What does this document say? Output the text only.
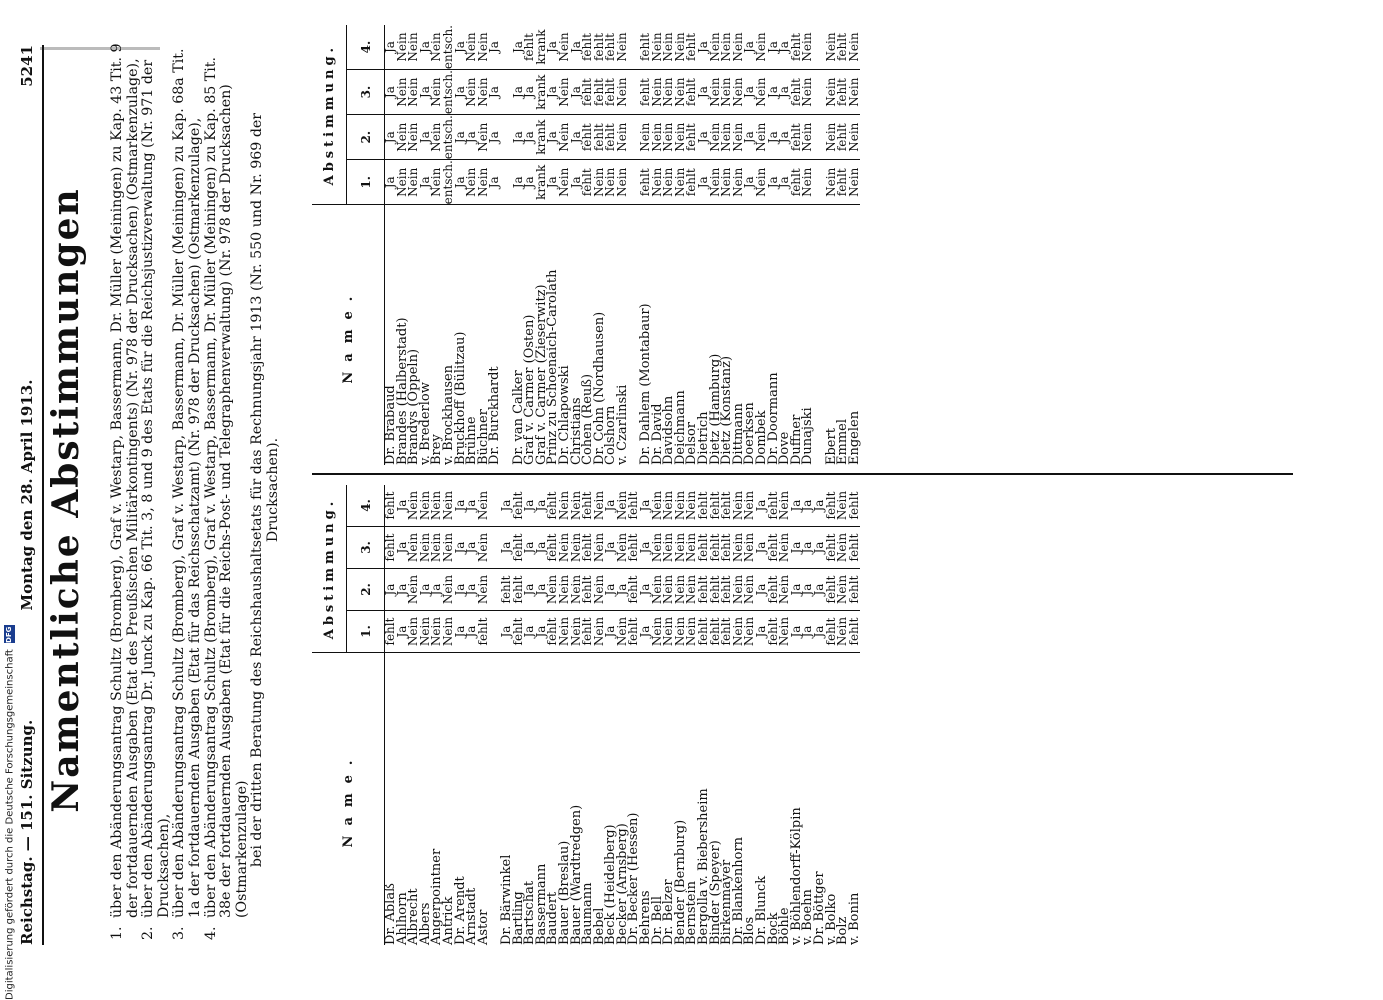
Reichstag. — 151. Sitzung.
Montag den 28. April 1913.
5241
Namentliche Abstimmungen
1.
über den Abänderungsantrag Schultz (Bromberg), Graf v. Westarp, Bassermann, Dr. Müller (Meiningen) zu Kap. 43 Tit. 9 der fortdauernden Ausgaben (Etat des Preußischen Militärkontingents) (Nr. 978 der Drucksachen) (Ostmarkenzulage),
2.
über den Abänderungsantrag Dr. Junck zu Kap. 66 Tit. 3, 8 und 9 des Etats für die Reichsjustizverwaltung (Nr. 971 der Drucksachen),
3.
über den Abänderungsantrag Schultz (Bromberg), Graf v. Westarp, Bassermann, Dr. Müller (Meiningen) zu Kap. 68a Tit. 1a der fortdauernden Ausgaben (Etat für das Reichsschatzamt) (Nr. 978 der Drucksachen) (Ostmarkenzulage),
4.
über den Abänderungsantrag Schultz (Bromberg), Graf v. Westarp, Bassermann, Dr. Müller (Meiningen) zu Kap. 85 Tit. 38e der fortdauernden Ausgaben (Etat für die Reichs-Post- und Telegraphenverwaltung) (Nr. 978 der Drucksachen) (Ostmarkenzulage) bei der dritten Beratung des Reichshaushaltsetats für das Rechnungsjahr 1913 (Nr. 550 und Nr. 969 der Drucksachen).
Name.	Abstimmung.			
	1.	2.	3.	4.
Dr. Ablaß	fehlt	Ja	fehlt	fehlt
Ahlhorn	Ja	Ja	Ja	Ja
Albrecht	Nein	Nein	Nein	Nein
Albers	Nein	Ja	Nein	Nein
Angerpointner	Nein	Ja	Nein	Nein
Antrick	Nein	Nein	Nein	Nein
Dr. Arendt	Ja	Ja	Ja	Ja
Arnstadt	Ja	Ja	Ja	Ja
Astor	fehlt	Nein	Nein	Nein

Dr. Bärwinkel	Ja	fehlt	Ja	Ja
Bartling	fehlt	fehlt	fehlt	fehlt
Bartschat	Ja	Ja	Ja	Ja
Bassermann	Ja	Ja	Ja	Ja
Baudert	fehlt	Nein	fehlt	fehlt
Bauer (Breslau)	Nein	Nein	Nein	Nein
Bauer (Wardtredgen)	Nein	Nein	Nein	Nein
Baumann	fehlt	fehlt	fehlt	fehlt
Bebel	Nein	Nein	Nein	Nein
Beck (Heidelberg)	Ja	Ja	Ja	Ja
Becker (Arnsberg)	Nein	Ja	Nein	Nein
Dr. Becker (Hessen)	fehlt	fehlt	fehlt	fehlt
Behrens	Ja	Ja	Ja	Ja
Dr. Bell	Nein	Nein	Nein	Nein
Dr. Belzer	Nein	Nein	Nein	Nein
Bender (Bernburg)	Nein	Nein	Nein	Nein
Bernstein	Nein	Nein	Nein	Nein
Bergolla v. Biebersheim	fehlt	fehlt	fehlt	fehlt
Binder (Speyer)	fehlt	fehlt	fehlt	fehlt
Birkenmayer	fehlt	fehlt	fehlt	fehlt
Dr. Blankenhorn	Nein	Nein	Nein	Nein
Blos	Nein	Nein	Nein	Nein
Dr. Blunck	Ja	Ja	Ja	Ja
Bock	fehlt	fehlt	fehlt	fehlt
Böhle	Nein	Nein	Nein	Nein
v. Böhlendorff-Kölpin	Ja	Ja	Ja	Ja
v. Boehn	Ja	Ja	Ja	Ja
Dr. Böttger	Ja	Ja	Ja	Ja
v. Bolko	fehlt	fehlt	fehlt	fehlt
Bolz	Nein	Nein	Nein	Nein
v. Bonin	fehlt	fehlt	fehlt	fehlt
Name.	Abstimmung.			
	1.	2.	3.	4.
Dr. Brabaud	Ja	Ja	Ja	Ja
Brandes (Halberstadt)	Nein	Nein	Nein	Nein
Brandys (Oppeln)	Nein	Nein	Nein	Nein
v. Brederlow	Ja	Ja	Ja	Ja
Brey	Nein	Nein	Nein	Nein
v. Brockhausen	entsch.	entsch.	entsch.	entsch.
Bruckhoff (Bülitzau)	Ja	Ja	Ja	Ja
Brühne	Nein	Ja	Nein	Nein
Büchner	Nein	Nein	Nein	Nein
Dr. Burckhardt	Ja	Ja	Ja	Ja

Dr. van Calker	Ja	Ja	Ja	Ja
Graf v. Carmer (Osten)	Ja	Ja	Ja	fehlt
Graf v. Carmer (Zieserwitz)	krank	krank	krank	krank
Prinz zu Schoenaich-Carolath	Ja	Ja	Ja	Ja
Dr. Chlapowski	Nein	Nein	Nein	Nein
Christians	Ja	Ja	Ja	Ja
Cohen (Reuß)	fehlt	fehlt	fehlt	fehlt
Dr. Cohn (Nordhausen)	Nein	fehlt	fehlt	fehlt
Colshorn	Nein	fehlt	fehlt	fehlt
v. Czarlinski	Nein	Nein	Nein	Nein

Dr. Dahlem (Montabaur)	fehlt	Nein	fehlt	fehlt
Dr. David	Nein	Nein	Nein	Nein
Davidsohn	Nein	Nein	Nein	Nein
Deichmann	Nein	Nein	Nein	Nein
Delsor	fehlt	fehlt	fehlt	fehlt
Dietrich	Ja	Ja	Ja	Ja
Dietz (Hamburg)	Nein	Nein	Nein	Nein
Dietz (Konstanz)	Nein	Nein	Nein	Nein
Dittmann	Nein	Nein	Nein	Nein
Doerksen	Ja	Ja	Ja	Ja
Dombek	Nein	Nein	Nein	Nein
Dr. Doormann	Ja	Ja	Ja	Ja
Dove	Ja	Ja	Ja	Ja
Duffner	fehlt	fehlt	fehlt	fehlt
Dunajski	Nein	Nein	Nein	Nein

Ebert	Nein	Nein	Nein	Nein
Emmel	fehlt	fehlt	fehlt	fehlt
Engelen	Nein	Nein	Nein	Nein
Digitalisierung gefördert durch die Deutsche Forschungsgemeinschaft DFG
